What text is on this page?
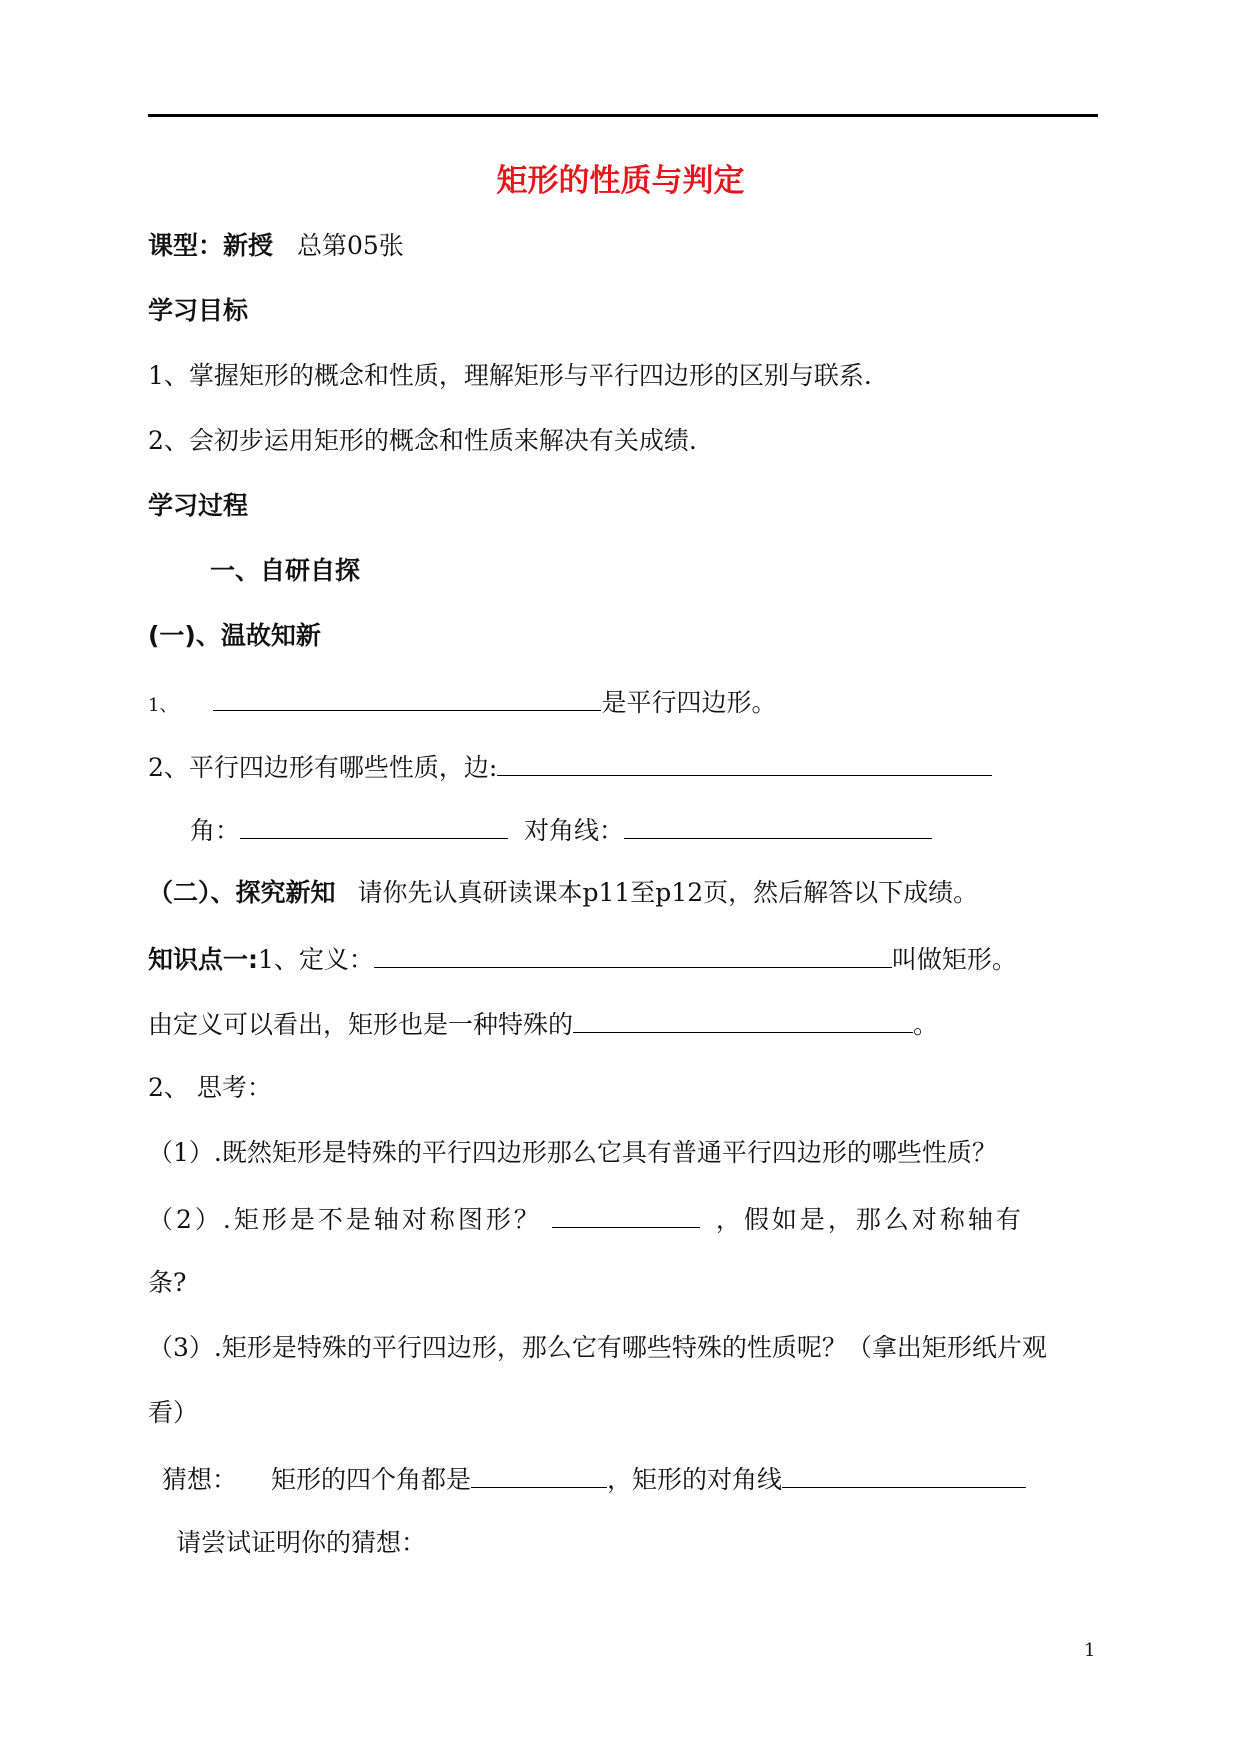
矩形的性质与判定
课型：新授 总第05张
学习目标
1、掌握矩形的概念和性质，理解矩形与平行四边形的区别与联系.
2、会初步运用矩形的概念和性质来解决有关成绩.
学习过程
一、自研自探
(一)、温故知新
1、	是平行四边形。
2、平行四边形有哪些性质，边:
角：	对角线：
（二）、探究新知 请你先认真研读课本p11至p12页，然后解答以下成绩。
知识点一:1、定义：	叫做矩形。
由定义可以看出，矩形也是一种特殊的	。
2、 思考：
（1）.既然矩形是特殊的平行四边形那么它具有普通平行四边形的哪些性质？
（2）.矩形是不是轴对称图形？	，假如是，那么对称轴有
条?
（3）.矩形是特殊的平行四边形，那么它有哪些特殊的性质呢？（拿出矩形纸片观
看）
猜想： 矩形的四个角都是	，矩形的对角线
请尝试证明你的猜想：
1
